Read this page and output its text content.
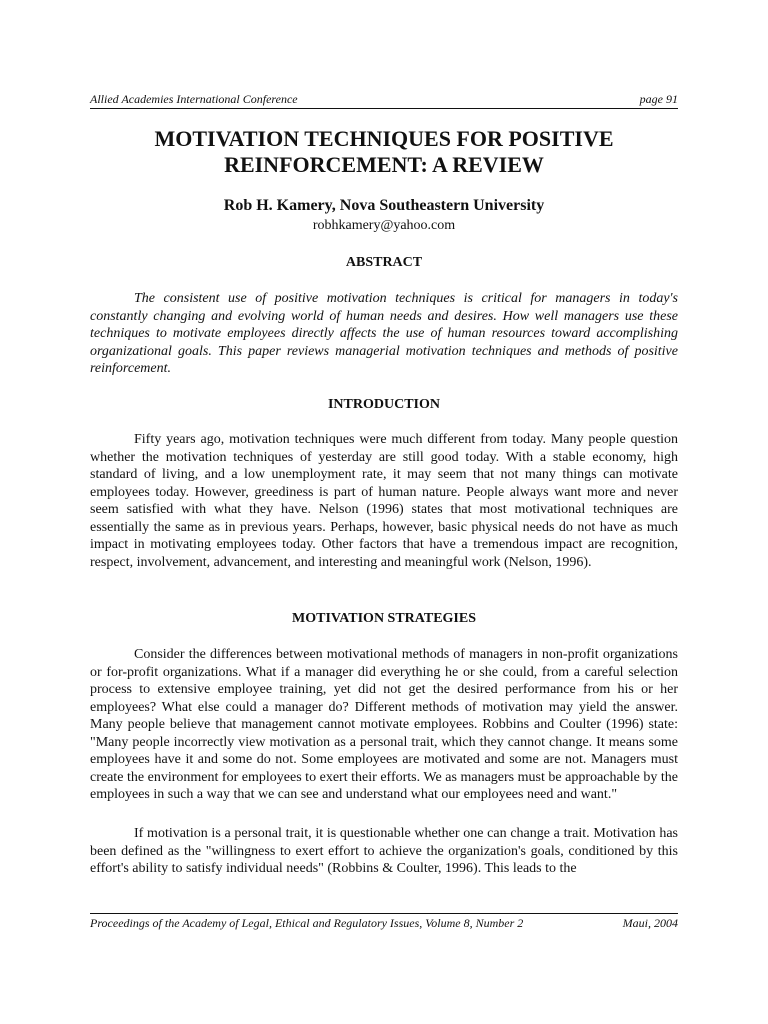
Allied Academies International Conference	page 91
MOTIVATION TECHNIQUES FOR POSITIVE REINFORCEMENT: A REVIEW
Rob H. Kamery, Nova Southeastern University
robhkamery@yahoo.com
ABSTRACT

The consistent use of positive motivation techniques is critical for managers in today's constantly changing and evolving world of human needs and desires. How well managers use these techniques to motivate employees directly affects the use of human resources toward accomplishing organizational goals. This paper reviews managerial motivation techniques and methods of positive reinforcement.

INTRODUCTION

Fifty years ago, motivation techniques were much different from today. Many people question whether the motivation techniques of yesterday are still good today. With a stable economy, high standard of living, and a low unemployment rate, it may seem that not many things can motivate employees today. However, greediness is part of human nature. People always want more and never seem satisfied with what they have. Nelson (1996) states that most motivational techniques are essentially the same as in previous years. Perhaps, however, basic physical needs do not have as much impact in motivating employees today. Other factors that have a tremendous impact are recognition, respect, involvement, advancement, and interesting and meaningful work (Nelson, 1996).

MOTIVATION STRATEGIES

Consider the differences between motivational methods of managers in non-profit organizations or for-profit organizations. What if a manager did everything he or she could, from a careful selection process to extensive employee training, yet did not get the desired performance from his or her employees? What else could a manager do? Different methods of motivation may yield the answer. Many people believe that management cannot motivate employees. Robbins and Coulter (1996) state: "Many people incorrectly view motivation as a personal trait, which they cannot change. It means some employees have it and some do not. Some employees are motivated and some are not. Managers must create the environment for employees to exert their efforts. We as managers must be approachable by the employees in such a way that we can see and understand what our employees need and want."

If motivation is a personal trait, it is questionable whether one can change a trait. Motivation has been defined as the "willingness to exert effort to achieve the organization's goals, conditioned by this effort's ability to satisfy individual needs" (Robbins & Coulter, 1996). This leads to the

Proceedings of the Academy of Legal, Ethical and Regulatory Issues, Volume 8, Number 2	Maui, 2004
